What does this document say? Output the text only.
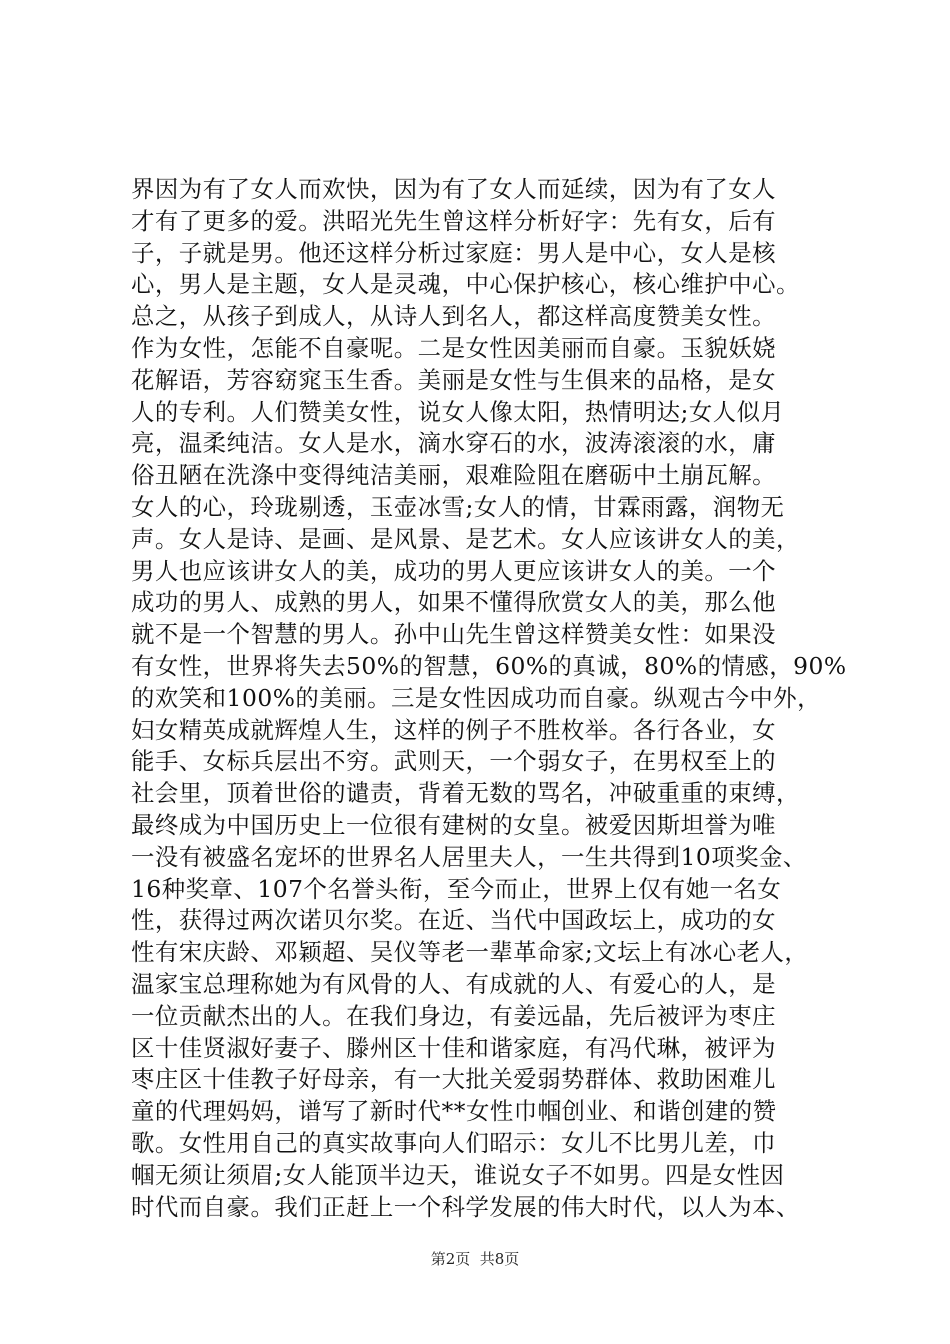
界因为有了女人而欢快，因为有了女人而延续，因为有了女人
才有了更多的爱。洪昭光先生曾这样分析好字：先有女，后有
子，子就是男。他还这样分析过家庭：男人是中心，女人是核
心，男人是主题，女人是灵魂，中心保护核心，核心维护中心。
总之，从孩子到成人，从诗人到名人，都这样高度赞美女性。
作为女性，怎能不自豪呢。二是女性因美丽而自豪。玉貌妖娆
花解语，芳容窈窕玉生香。美丽是女性与生俱来的品格，是女
人的专利。人们赞美女性，说女人像太阳，热情明达;女人似月
亮，温柔纯洁。女人是水，滴水穿石的水，波涛滚滚的水，庸
俗丑陋在洗涤中变得纯洁美丽，艰难险阻在磨砺中土崩瓦解。
女人的心，玲珑剔透，玉壶冰雪;女人的情，甘霖雨露，润物无
声。女人是诗、是画、是风景、是艺术。女人应该讲女人的美，
男人也应该讲女人的美，成功的男人更应该讲女人的美。一个
成功的男人、成熟的男人，如果不懂得欣赏女人的美，那么他
就不是一个智慧的男人。孙中山先生曾这样赞美女性：如果没
有女性，世界将失去50%的智慧，60%的真诚，80%的情感，90%
的欢笑和100%的美丽。三是女性因成功而自豪。纵观古今中外，
妇女精英成就辉煌人生，这样的例子不胜枚举。各行各业，女
能手、女标兵层出不穷。武则天，一个弱女子，在男权至上的
社会里，顶着世俗的谴责，背着无数的骂名，冲破重重的束缚，
最终成为中国历史上一位很有建树的女皇。被爱因斯坦誉为唯
一没有被盛名宠坏的世界名人居里夫人，一生共得到10项奖金、
16种奖章、107个名誉头衔，至今而止，世界上仅有她一名女
性，获得过两次诺贝尔奖。在近、当代中国政坛上，成功的女
性有宋庆龄、邓颖超、吴仪等老一辈革命家;文坛上有冰心老人，
温家宝总理称她为有风骨的人、有成就的人、有爱心的人，是
一位贡献杰出的人。在我们身边，有姜远晶，先后被评为枣庄
区十佳贤淑好妻子、滕州区十佳和谐家庭，有冯代琳，被评为
枣庄区十佳教子好母亲，有一大批关爱弱势群体、救助困难儿
童的代理妈妈，谱写了新时代**女性巾帼创业、和谐创建的赞
歌。女性用自己的真实故事向人们昭示：女儿不比男儿差，巾
帼无须让须眉;女人能顶半边天，谁说女子不如男。四是女性因
时代而自豪。我们正赶上一个科学发展的伟大时代，以人为本、
第2页  共8页
